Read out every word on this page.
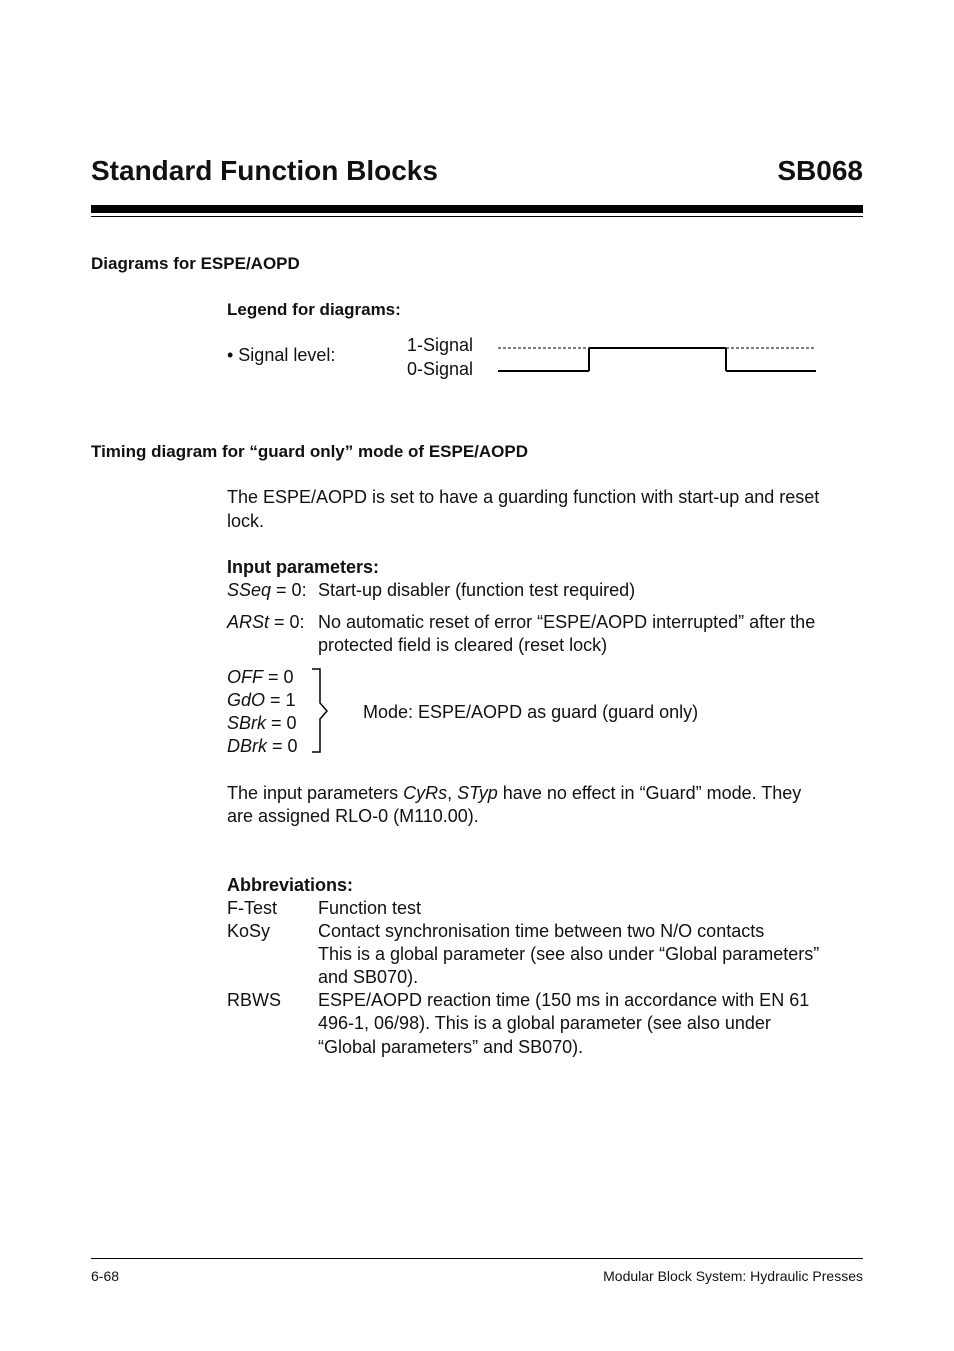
Standard Function Blocks	SB068
Diagrams for ESPE/AOPD
Legend for diagrams:
• Signal level:	1-Signal
0-Signal
Timing diagram for “guard only” mode of ESPE/AOPD
The ESPE/AOPD is set to have a guarding function with start-up and reset
lock.
Input parameters:
SSeq = 0: Start-up disabler (function test required)
ARSt = 0: No automatic reset of error “ESPE/AOPD interrupted” after the
protected field is cleared (reset lock)
OFF = 0
GdO = 1
SBrk = 0
DBrk = 0
Mode: ESPE/AOPD as guard (guard only)
The input parameters CyRs, STyp have no effect in “Guard” mode. They
are assigned RLO-0 (M110.00).
Abbreviations:
F-Test Function test
KoSy	Contact synchronisation time between two N/O contacts
This is a global parameter (see also under “Global parameters”
and SB070).
RBWS ESPE/AOPD reaction time (150 ms in accordance with EN 61
496-1, 06/98). This is a global parameter (see also under
“Global parameters” and SB070).
6-68	Modular Block System: Hydraulic Presses
